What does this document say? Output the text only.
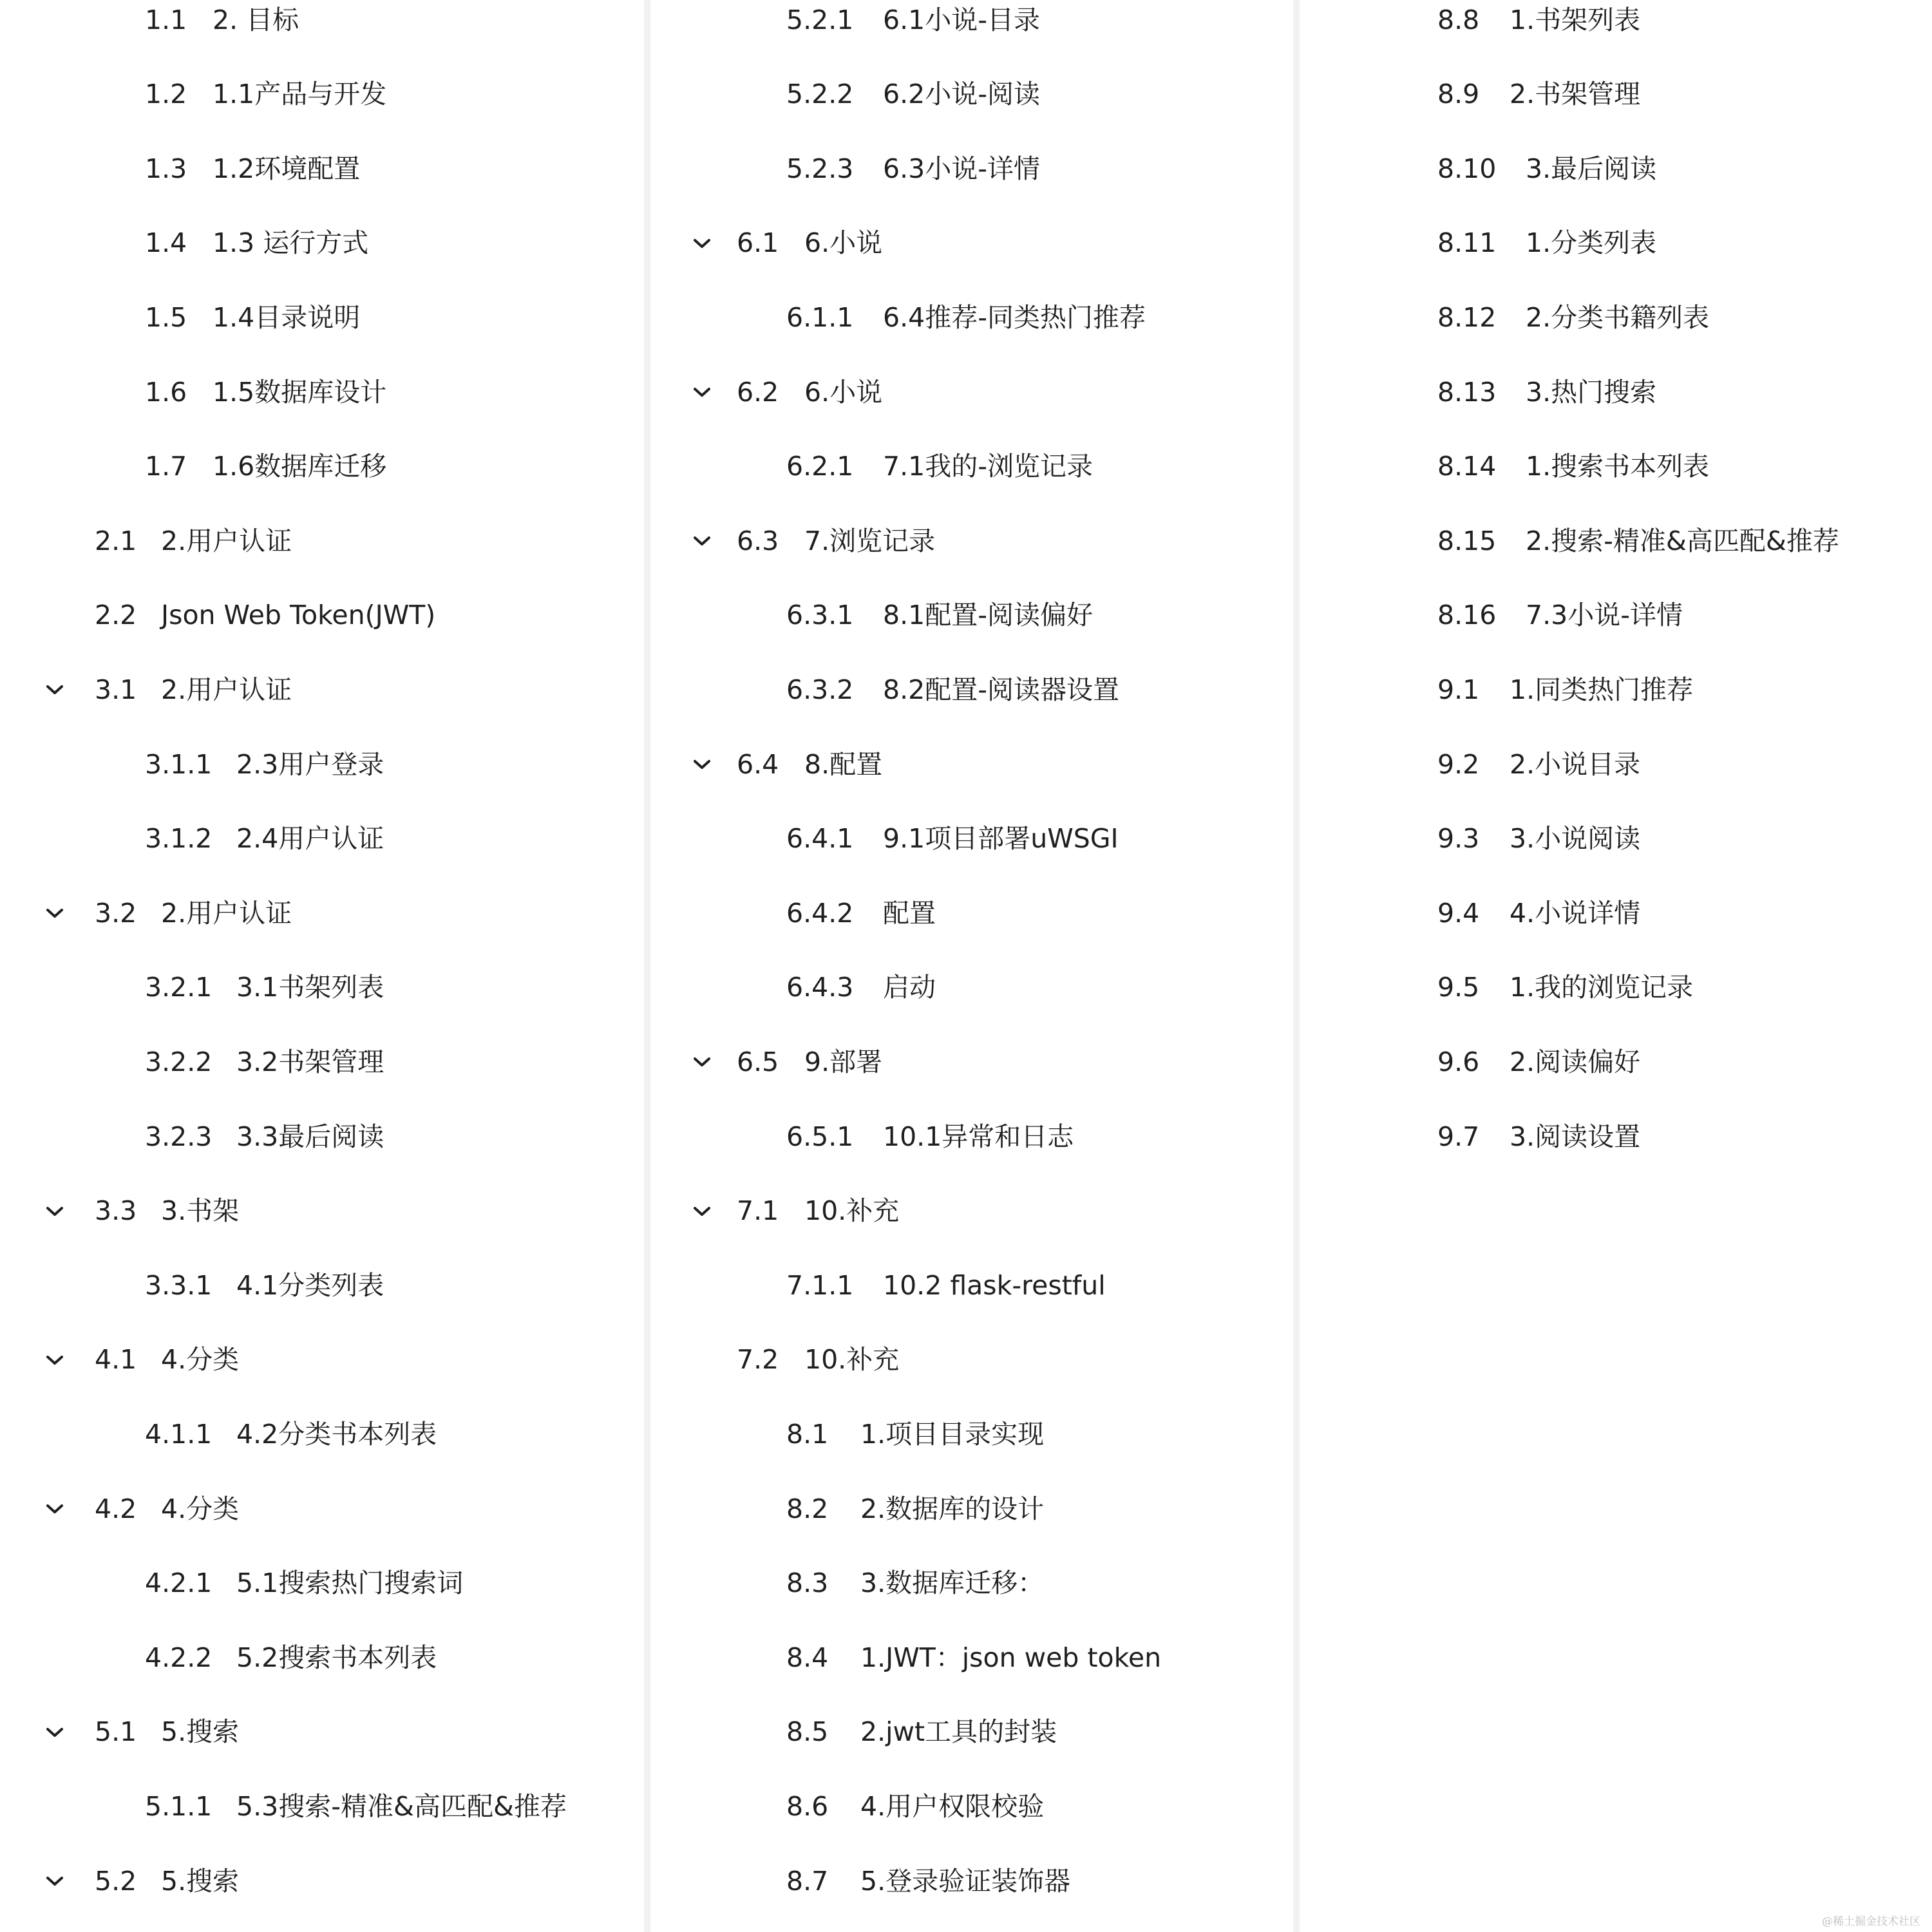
@稀土掘金技术社区
1.1 2. 目标
1.2 1.1产品与开发
1.3 1.2环境配置
1.4 1.3 运行方式
1.5 1.4目录说明
1.6 1.5数据库设计
1.7 1.6数据库迁移
2.1 2.用户认证
2.2 Json Web Token(JWT)
3.1 2.用户认证
3.1.1 2.3用户登录
3.1.2 2.4用户认证
3.2 2.用户认证
3.2.1 3.1书架列表
3.2.2 3.2书架管理
3.2.3 3.3最后阅读
3.3 3.书架
3.3.1 4.1分类列表
4.1 4.分类
4.1.1 4.2分类书本列表
4.2 4.分类
4.2.1 5.1搜索热门搜索词
4.2.2 5.2搜索书本列表
5.1 5.搜索
5.1.1 5.3搜索-精准&高匹配&推荐
5.2 5.搜索
5.2.1	6.1小说-目录
5.2.2	6.2小说-阅读
5.2.3	6.3小说-详情
6.1 6.小说
6.1.1	6.4推荐-同类热门推荐
6.2 6.小说
6.2.1	7.1我的-浏览记录
6.3 7.浏览记录
6.3.1	8.1配置-阅读偏好
6.3.2	8.2配置-阅读器设置
6.4 8.配置
6.4.1	9.1项目部署uWSGI
6.4.2	配置
6.4.3	启动
6.5 9.部署
6.5.1	10.1异常和日志
7.1 10.补充
7.1.1	10.2 flask-restful
7.2 10.补充
8.1	1.项目目录实现
8.2	2.数据库的设计
8.3	3.数据库迁移：
8.4	1.JWT：json web token
8.5	2.jwt工具的封装
8.6	4.用户权限校验
8.7	5.登录验证装饰器
8.8	1.书架列表
8.9	2.书架管理
8.10	3.最后阅读
8.11	1.分类列表
8.12	2.分类书籍列表
8.13	3.热门搜索
8.14	1.搜索书本列表
8.15	2.搜索-精准&高匹配&推荐
8.16	7.3小说-详情
9.1	1.同类热门推荐
9.2	2.小说目录
9.3	3.小说阅读
9.4	4.小说详情
9.5	1.我的浏览记录
9.6	2.阅读偏好
9.7	3.阅读设置
